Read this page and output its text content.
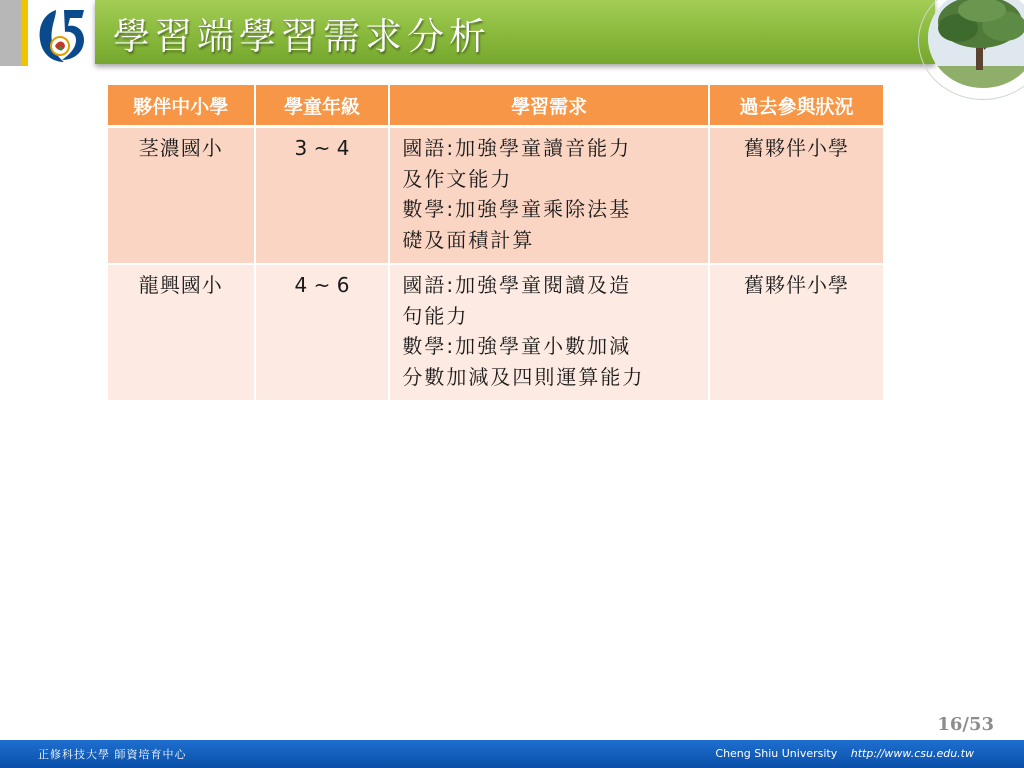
學習端學習需求分析
夥伴中小學	學童年級	學習需求	過去參與狀況
茎濃國小	3 ~ 4	國語:加強學童讀音能力
及作文能力
數學:加強學童乘除法基
礎及面積計算	舊夥伴小學
龍興國小	4 ~ 6	國語:加強學童閱讀及造
句能力
數學:加強學童小數加減
分數加減及四則運算能力	舊夥伴小學
16/53
正修科技大學 師資培育中心	Cheng Shiu University http://www.csu.edu.tw
